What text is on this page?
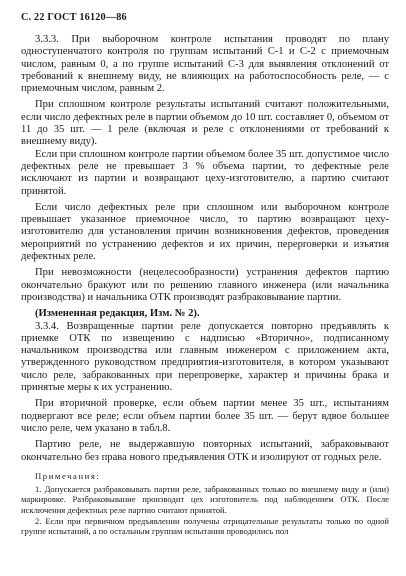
С. 22 ГОСТ 16120—86

3.3.3. При выборочном контроле испытания проводят по плану одноступенчатого контроля по группам испытаний С-1 и С-2 с приемочным числом, равным 0, а по группе испытаний С-3 для выявления отклонений от требований к внешнему виду, не влияющих на работоспособность реле, — с приемочным числом, равным 2.

При сплошном контроле результаты испытаний считают положительными, если число дефектных реле в партии объемом до 10 шт. составляет 0, объемом от 11 до 35 шт. — 1 реле (включая и реле с отклонениями от требований к внешнему виду).

Если при сплошном контроле партии объемом более 35 шт. допустимое число дефектных реле не превышает 3 % объема партии, то дефектные реле исключают из партии и возвращают цеху-изготовителю, а партию считают принятой.

Если число дефектных реле при сплошном или выборочном контроле превышает указанное приемочное число, то партию возвращают цеху-изготовителю для установления причин возникновения дефектов, проведения мероприятий по устранению дефектов и их причин, переproверки и изъятия дефектных реле.

При невозможности (нецелесообразности) устранения дефектов партию окончательно бракуют или по решению главного инженера (или начальника производства) и начальника ОТК производят разбраковывание партии.

(Измененная редакция, Изм. № 2).

3.3.4. Возвращенные партии реле допускается повторно предъявлять к приемке ОТК по извещению с надписью «Вторично», подписанному начальником производства или главным инженером с приложением акта, утвержденного руководством предприятия-изготовителя, в котором указывают число реле, забракованных при перепроверке, характер и причины брака и принятые меры к их устранению.

При вторичной проверке, если объем партии менее 35 шт., испытаниям подвергают все реле; если объем партии более 35 шт. — берут вдвое большее число реле, чем указано в табл.8.

Партию реле, не выдержавшую повторных испытаний, забраковывают окончательно без права нового предъявления ОТК и изолируют от годных реле.

Примечания:

1. Допускается разбраковывать партии реле, забракованных только по внешнему виду и (или) маркировке. Разбраковывание производит цех изготовитель под наблюдением ОТК. После исключения дефектных реле партию считают принятой.

2. Если при первичном предъявлении получены отрицательные результаты только по одной группе испытаний, а по остальным группам испытания проводились пол
